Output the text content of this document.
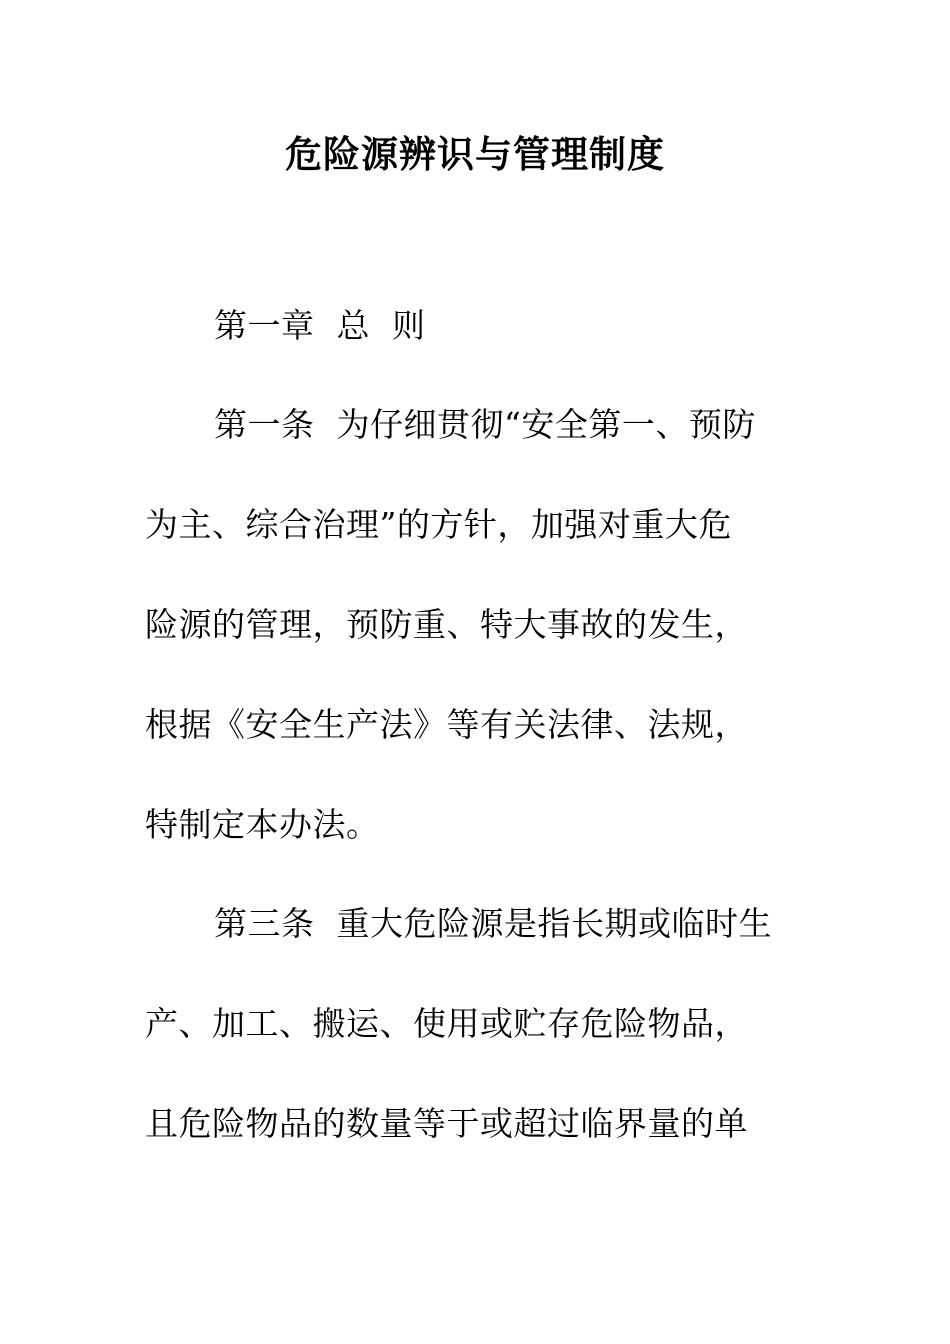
危险源辨识与管理制度
第一章  总  则
第一条  为仔细贯彻“安全第一、预防
为主、综合治理”的方针，加强对重大危
险源的管理，预防重、特大事故的发生，
根据《安全生产法》等有关法律、法规，
特制定本办法。
第三条  重大危险源是指长期或临时生
产、加工、搬运、使用或贮存危险物品，
且危险物品的数量等于或超过临界量的单
